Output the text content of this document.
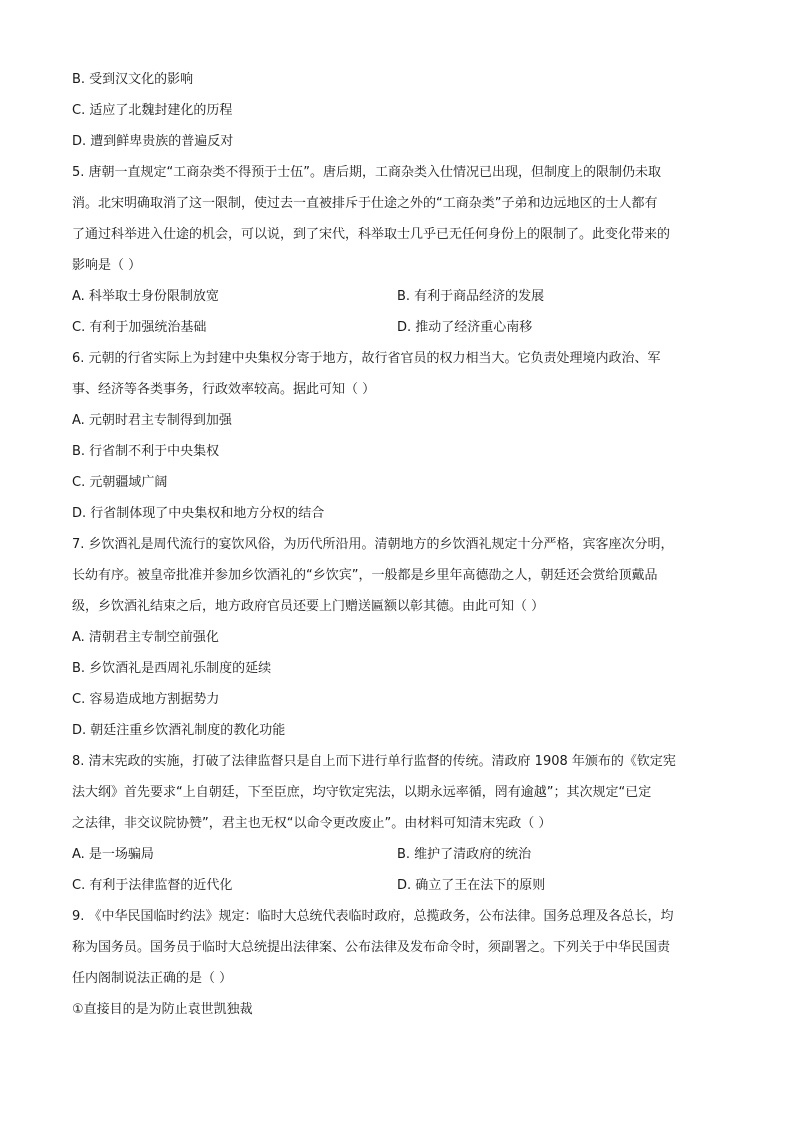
B. 受到汉文化的影响
C. 适应了北魏封建化的历程
D. 遭到鲜卑贵族的普遍反对
5. 唐朝一直规定“工商杂类不得预于士伍”。唐后期，工商杂类入仕情况已出现，但制度上的限制仍未取
消。北宋明确取消了这一限制，使过去一直被排斥于仕途之外的“工商杂类”子弟和边远地区的士人都有
了通过科举进入仕途的机会，可以说，到了宋代，科举取士几乎已无任何身份上的限制了。此变化带来的
影响是（ ）
A. 科举取士身份限制放宽	B. 有利于商品经济的发展
C. 有利于加强统治基础	D. 推动了经济重心南移
6. 元朝的行省实际上为封建中央集权分寄于地方，故行省官员的权力相当大。它负责处理境内政治、军
事、经济等各类事务，行政效率较高。据此可知（ ）
A. 元朝时君主专制得到加强
B. 行省制不利于中央集权
C. 元朝疆域广阔
D. 行省制体现了中央集权和地方分权的结合
7. 乡饮酒礼是周代流行的宴饮风俗，为历代所沿用。清朝地方的乡饮酒礼规定十分严格，宾客座次分明，
长幼有序。被皇帝批准并参加乡饮酒礼的“乡饮宾”，一般都是乡里年高德劭之人，朝廷还会赏给顶戴品
级，乡饮酒礼结束之后，地方政府官员还要上门赠送匾额以彰其德。由此可知（ ）
A. 清朝君主专制空前强化
B. 乡饮酒礼是西周礼乐制度的延续
C. 容易造成地方割据势力
D. 朝廷注重乡饮酒礼制度的教化功能
8. 清末宪政的实施，打破了法律监督只是自上而下进行单行监督的传统。清政府 1908 年颁布的《钦定宪
法大纲》首先要求“上自朝廷，下至臣庶，均守钦定宪法，以期永远率循，罔有逾越”；其次规定“已定
之法律，非交议院协赞”，君主也无权“以命令更改废止”。由材料可知清末宪政（ ）
A. 是一场骗局	B. 维护了清政府的统治
C. 有利于法律监督的近代化	D. 确立了王在法下的原则
9. 《中华民国临时约法》规定：临时大总统代表临时政府，总揽政务，公布法律。国务总理及各总长，均
称为国务员。国务员于临时大总统提出法律案、公布法律及发布命令时，须副署之。下列关于中华民国责
任内阁制说法正确的是（ ）
①直接目的是为防止袁世凯独裁
